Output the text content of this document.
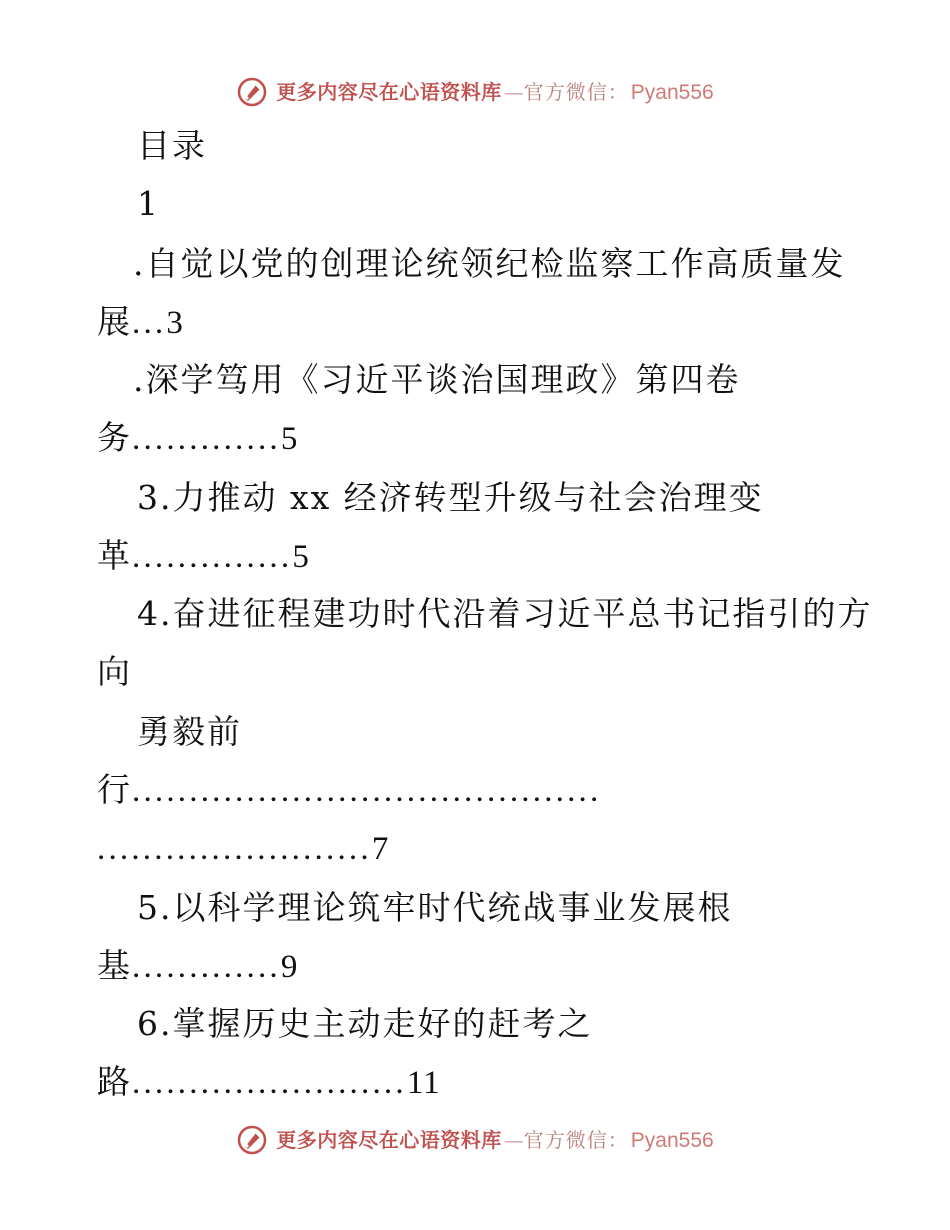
更多内容尽在心语资料库 — 官方微信： Pyan556
目录
1
.自觉以党的创理论统领纪检监察工作高质量发
展...3
.深学笃用《习近平谈治国理政》第四卷
务.............5
3.力推动 xx 经济转型升级与社会治理变
革..............5
4.奋进征程建功时代沿着习近平总书记指引的方
向
勇毅前
行.........................................
........................7
5.以科学理论筑牢时代统战事业发展根
基.............9
6.掌握历史主动走好的赶考之
路........................11
更多内容尽在心语资料库 — 官方微信： Pyan556
